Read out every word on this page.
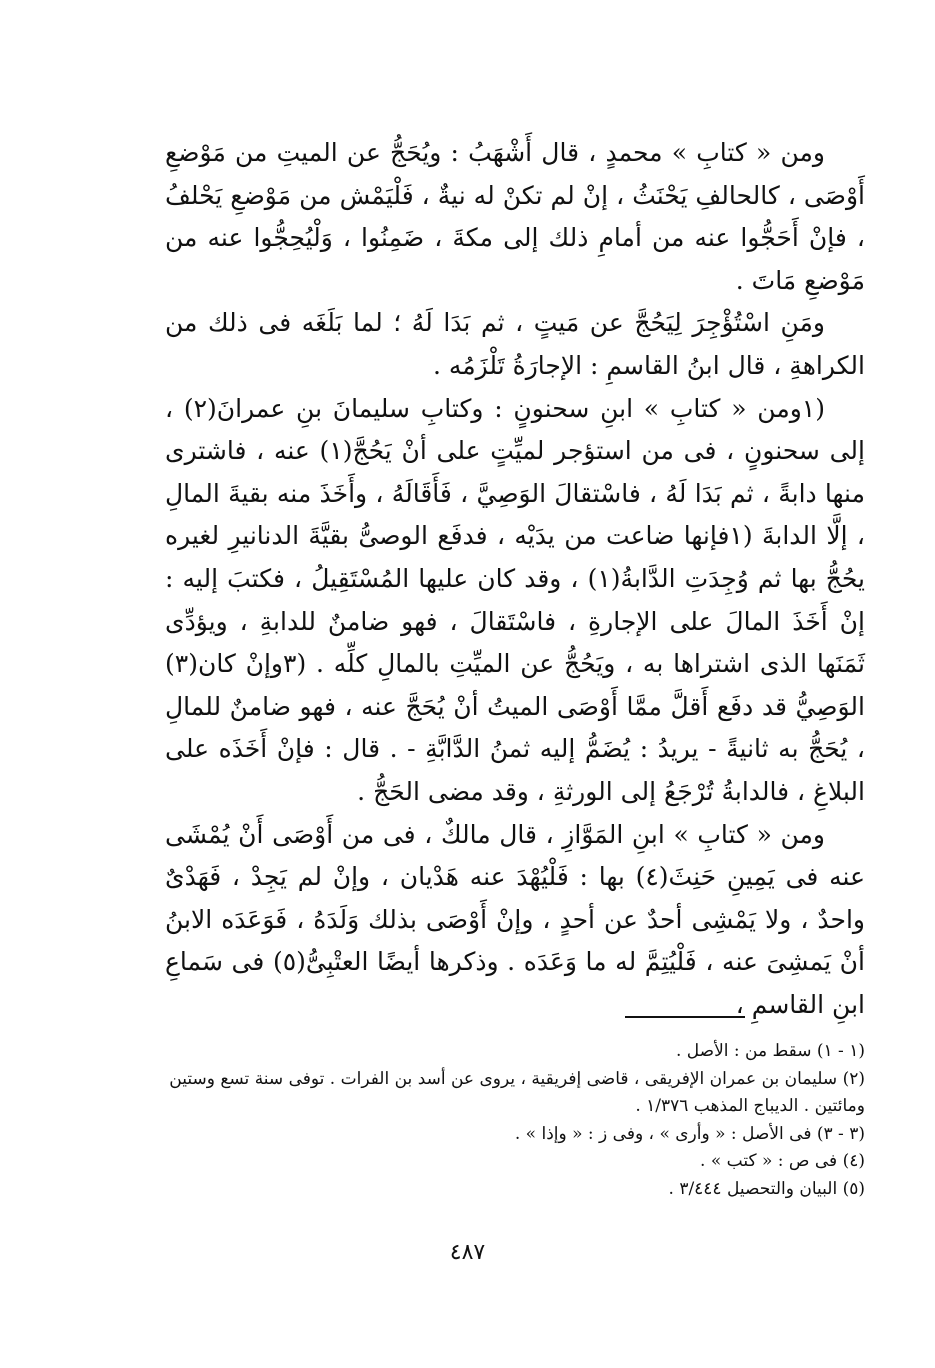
ومن « كتابِ » محمدٍ ، قال أَشْهَبُ : ويُحَجُّ عن الميتِ من مَوْضعِ أَوْصَى ، كالحالفِ يَحْنَثُ ، إنْ لم تكنْ له نيةٌ ، فَلْيَمْش من مَوْضعِ يَحْلفُ ، فإنْ أَحَجُّوا عنه من أمامِ ذلك إلى مكةَ ، ضَمِنُوا ، وَلْيُحِجُّوا عنه من مَوْضعِ مَاتَ .

ومَنِ اسْتُؤْجِرَ لِيَحُجَّ عن مَيتٍ ، ثم بَدَا لَهُ ؛ لما بَلَغَه فى ذلك من الكراهةِ ، قال ابنُ القاسمِ : الإجارَةُ تَلْزَمُه .

(١ومن « كتابِ » ابنِ سحنونٍ : وكتابِ سليمانَ بنِ عمرانَ(٢) ، إلى سحنونٍ ، فى من استؤجر لميِّتٍ على أنْ يَحُجَّ(١) عنه ، فاشترى منها دابةً ، ثم بَدَا لَهُ ، فاسْتقالَ الوَصِيَّ ، فَأَقَالَهُ ، وأَخَذَ منه بقيةَ المالِ ، إلَّا الدابةَ (١فإنها ضاعت من يدَيْه ، فدفَع الوصىُّ بقيَّةَ الدنانيرِ لغيره يحُجُّ بها ثم وُجِدَتِ الدَّابةُ(١) ، وقد كان عليها المُسْتَقِيلُ ، فكتبَ إليه : إنْ أَخَذَ المالَ على الإجارةِ ، فاسْتَقالَ ، فهو ضامنٌ للدابةِ ، ويؤدِّى ثَمَنَها الذى اشتراها به ، ويَحُجُّ عن الميِّتِ بالمالِ كلِّه . (٣وإنْ كان(٣) الوَصِيُّ قد دفَع أَقلَّ ممَّا أَوْصَى الميتُ أنْ يُحَجَّ عنه ، فهو ضامنٌ للمالِ ، يُحَجُّ به ثانيةً - يريدُ : يُضَمُّ إليه ثمنُ الدَّابَّةِ - . قال : فإنْ أَخَذَه على البلاغِ ، فالدابةُ تُرْجَعُ إلى الورثةِ ، وقد مضى الحَجُّ .

ومن « كتابِ » ابنِ المَوَّازِ ، قال مالكٌ ، فى من أَوْصَى أَنْ يُمْشَى عنه فى يَمِينِ حَنِثَ(٤) بها : فَلْيُهْدَ عنه هَدْيان ، وإنْ لم يَجِدْ ، فَهَدْىٌ واحدٌ ، ولا يَمْشِى أحدٌ عن أحدٍ ، وإنْ أَوْصَى بذلك وَلَدَهُ ، فَوَعَدَه الابنُ أنْ يَمشِىَ عنه ، فَلْيُتِمَّ له ما وَعَدَه . وذكرها أيضًا العتْبِىُّ(٥) فى سَماعِ ابنِ القاسمِ ،

(١ - ١) سقط من : الأصل .

(٢) سليمان بن عمران الإفريقى ، قاضى إفريقية ، يروى عن أسد بن الفرات . توفى سنة تسع وستين ومائتين . الديباج المذهب ١/٣٧٦ .

(٣ - ٣) فى الأصل : « وأرى » ، وفى ز : « وإذا » .

(٤) فى ص : « كتب » .

(٥) البيان والتحصيل ٣/٤٤٤ .

٤٨٧
